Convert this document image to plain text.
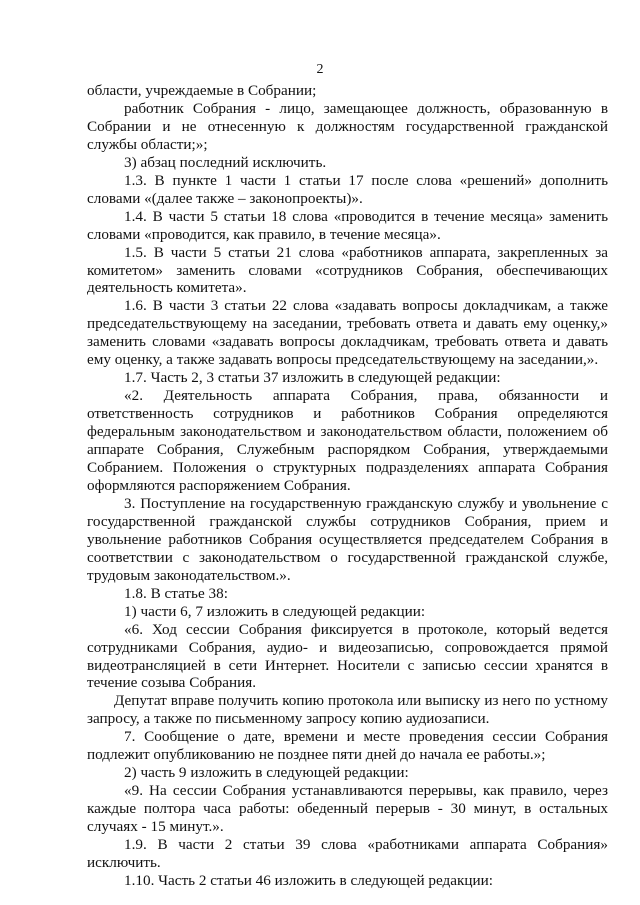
2

области, учреждаемые в Собрании;

работник Собрания - лицо, замещающее должность, образованную в Собрании и не отнесенную к должностям государственной гражданской службы области;»;

3) абзац последний исключить.

1.3. В пункте 1 части 1 статьи 17 после слова «решений» дополнить словами «(далее также – законопроекты)».

1.4. В части 5 статьи 18 слова «проводится в течение месяца» заменить словами «проводится, как правило, в течение месяца».

1.5. В части 5 статьи 21 слова «работников аппарата, закрепленных за комитетом» заменить словами «сотрудников Собрания, обеспечивающих деятельность комитета».

1.6. В части 3 статьи 22 слова «задавать вопросы докладчикам, а также председательствующему на заседании, требовать ответа и давать ему оценку,» заменить словами «задавать вопросы докладчикам, требовать ответа и давать ему оценку, а также задавать вопросы председательствующему на заседании,».

1.7. Часть 2, 3 статьи 37 изложить в следующей редакции:

«2. Деятельность аппарата Собрания, права, обязанности и ответственность сотрудников и работников Собрания определяются федеральным законодательством и законодательством области, положением об аппарате Собрания, Служебным распорядком Собрания, утверждаемыми Собранием. Положения о структурных подразделениях аппарата Собрания оформляются распоряжением Собрания.

3. Поступление на государственную гражданскую службу и увольнение с государственной гражданской службы сотрудников Собрания, прием и увольнение работников Собрания осуществляется председателем Собрания в соответствии с законодательством о государственной гражданской службе, трудовым законодательством.».

1.8. В статье 38:

1) части 6, 7 изложить в следующей редакции:

«6. Ход сессии Собрания фиксируется в протоколе, который ведется сотрудниками Собрания, аудио- и видеозаписью, сопровождается прямой видеотрансляцией в сети Интернет. Носители с записью сессии хранятся в течение созыва Собрания.

Депутат вправе получить копию протокола или выписку из него по устному запросу, а также по письменному запросу копию аудиозаписи.

7. Сообщение о дате, времени и месте проведения сессии Собрания подлежит опубликованию не позднее пяти дней до начала ее работы.»;

2) часть 9 изложить в следующей редакции:

«9. На сессии Собрания устанавливаются перерывы, как правило, через каждые полтора часа работы: обеденный перерыв - 30 минут, в остальных случаях - 15 минут.».

1.9. В части 2 статьи 39 слова «работниками аппарата Собрания» исключить.

1.10. Часть 2 статьи 46 изложить в следующей редакции:
